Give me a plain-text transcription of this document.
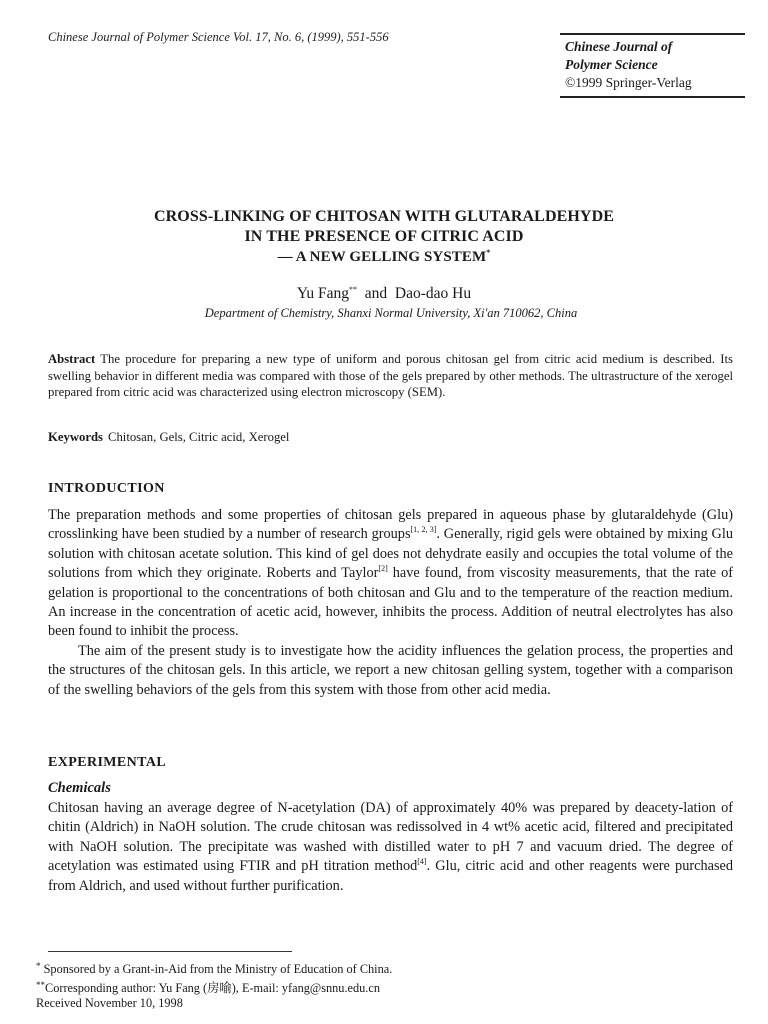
Chinese Journal of Polymer Science Vol. 17, No. 6, (1999), 551-556
Chinese Journal of
Polymer Science
©1999 Springer-Verlag
CROSS-LINKING OF CHITOSAN WITH GLUTARALDEHYDE
IN THE PRESENCE OF CITRIC ACID
— A NEW GELLING SYSTEM*
Yu Fang** and Dao-dao Hu
Department of Chemistry, Shanxi Normal University, Xi'an 710062, China
Abstract The procedure for preparing a new type of uniform and porous chitosan gel from citric acid medium is described. Its swelling behavior in different media was compared with those of the gels prepared by other methods. The ultrastructure of the xerogel prepared from citric acid was characterized using electron microscopy (SEM).
Keywords Chitosan, Gels, Citric acid, Xerogel
INTRODUCTION

The preparation methods and some properties of chitosan gels prepared in aqueous phase by glutaraldehyde (Glu) crosslinking have been studied by a number of research groups[1, 2, 3]. Generally, rigid gels were obtained by mixing Glu solution with chitosan acetate solution. This kind of gel does not dehydrate easily and occupies the total volume of the solutions from which they originate. Roberts and Taylor[2] have found, from viscosity measurements, that the rate of gelation is proportional to the concentrations of both chitosan and Glu and to the temperature of the reaction medium. An increase in the concentration of acetic acid, however, inhibits the process. Addition of neutral electrolytes has also been found to inhibit the process.

The aim of the present study is to investigate how the acidity influences the gelation process, the properties and the structures of the chitosan gels. In this article, we report a new chitosan gelling system, together with a comparison of the swelling behaviors of the gels from this system with those from other acid media.

EXPERIMENTAL
Chemicals

Chitosan having an average degree of N-acetylation (DA) of approximately 40% was prepared by deacety-lation of chitin (Aldrich) in NaOH solution. The crude chitosan was redissolved in 4 wt% acetic acid, filtered and precipitated with NaOH solution. The precipitate was washed with distilled water to pH 7 and vacuum dried. The degree of acetylation was estimated using FTIR and pH titration method[4]. Glu, citric acid and other reagents were purchased from Aldrich, and used without further purification.

* Sponsored by a Grant-in-Aid from the Ministry of Education of China.
**Corresponding author: Yu Fang (房喻), E-mail: yfang@snnu.edu.cn
Received November 10, 1998
